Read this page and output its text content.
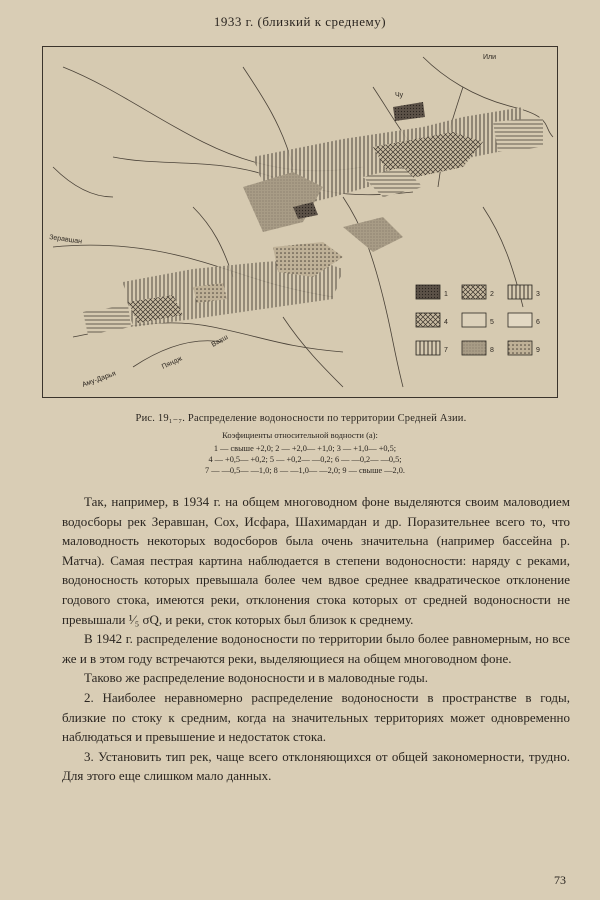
1933 г. (близкий к среднему)
Или
Чу
Зеравшан
Аму-Дарья
Вахш
Пяндж
1	2	3
4	5	6
7	8	9
Рис. 19₁₋₇. Распределение водоносности по территории Средней Азии.
Коэфициенты относительной водности (а):
1 — свыше +2,0; 2 — +2,0— +1,0; 3 — +1,0— +0,5;
4 — +0,5— +0,2; 5 — +0,2— —0,2; 6 — —0,2— —0,5;
7 — —0,5— —1,0; 8 — —1,0— —2,0; 9 — свыше —2,0.

Так, например, в 1934 г. на общем многоводном фоне выделяются своим маловодием водосборы рек Зеравшан, Сох, Исфара, Шахимардан и др. Поразительнее всего то, что маловодность некоторых водосборов была очень значительна (например бассейна р. Матча). Самая пестрая картина наблюдается в степени водоносности: наряду с реками, водоносность которых превышала более чем вдвое среднее квадратическое отклонение годового стока, имеются реки, отклонения стока которых от средней водоносности не превышали ¹⁄₅ σQ, и реки, сток которых был близок к среднему.

В 1942 г. распределение водоносности по территории было более равномерным, но все же и в этом году встречаются реки, выделяющиеся на общем многоводном фоне.

Таково же распределение водоносности и в маловодные годы.

2. Наиболее неравномерно распределение водоносности в пространстве в годы, близкие по стоку к средним, когда на значительных территориях может одновременно наблюдаться и превышение и недостаток стока.

3. Установить тип рек, чаще всего отклоняющихся от общей закономерности, трудно. Для этого еще слишком мало данных.

73
